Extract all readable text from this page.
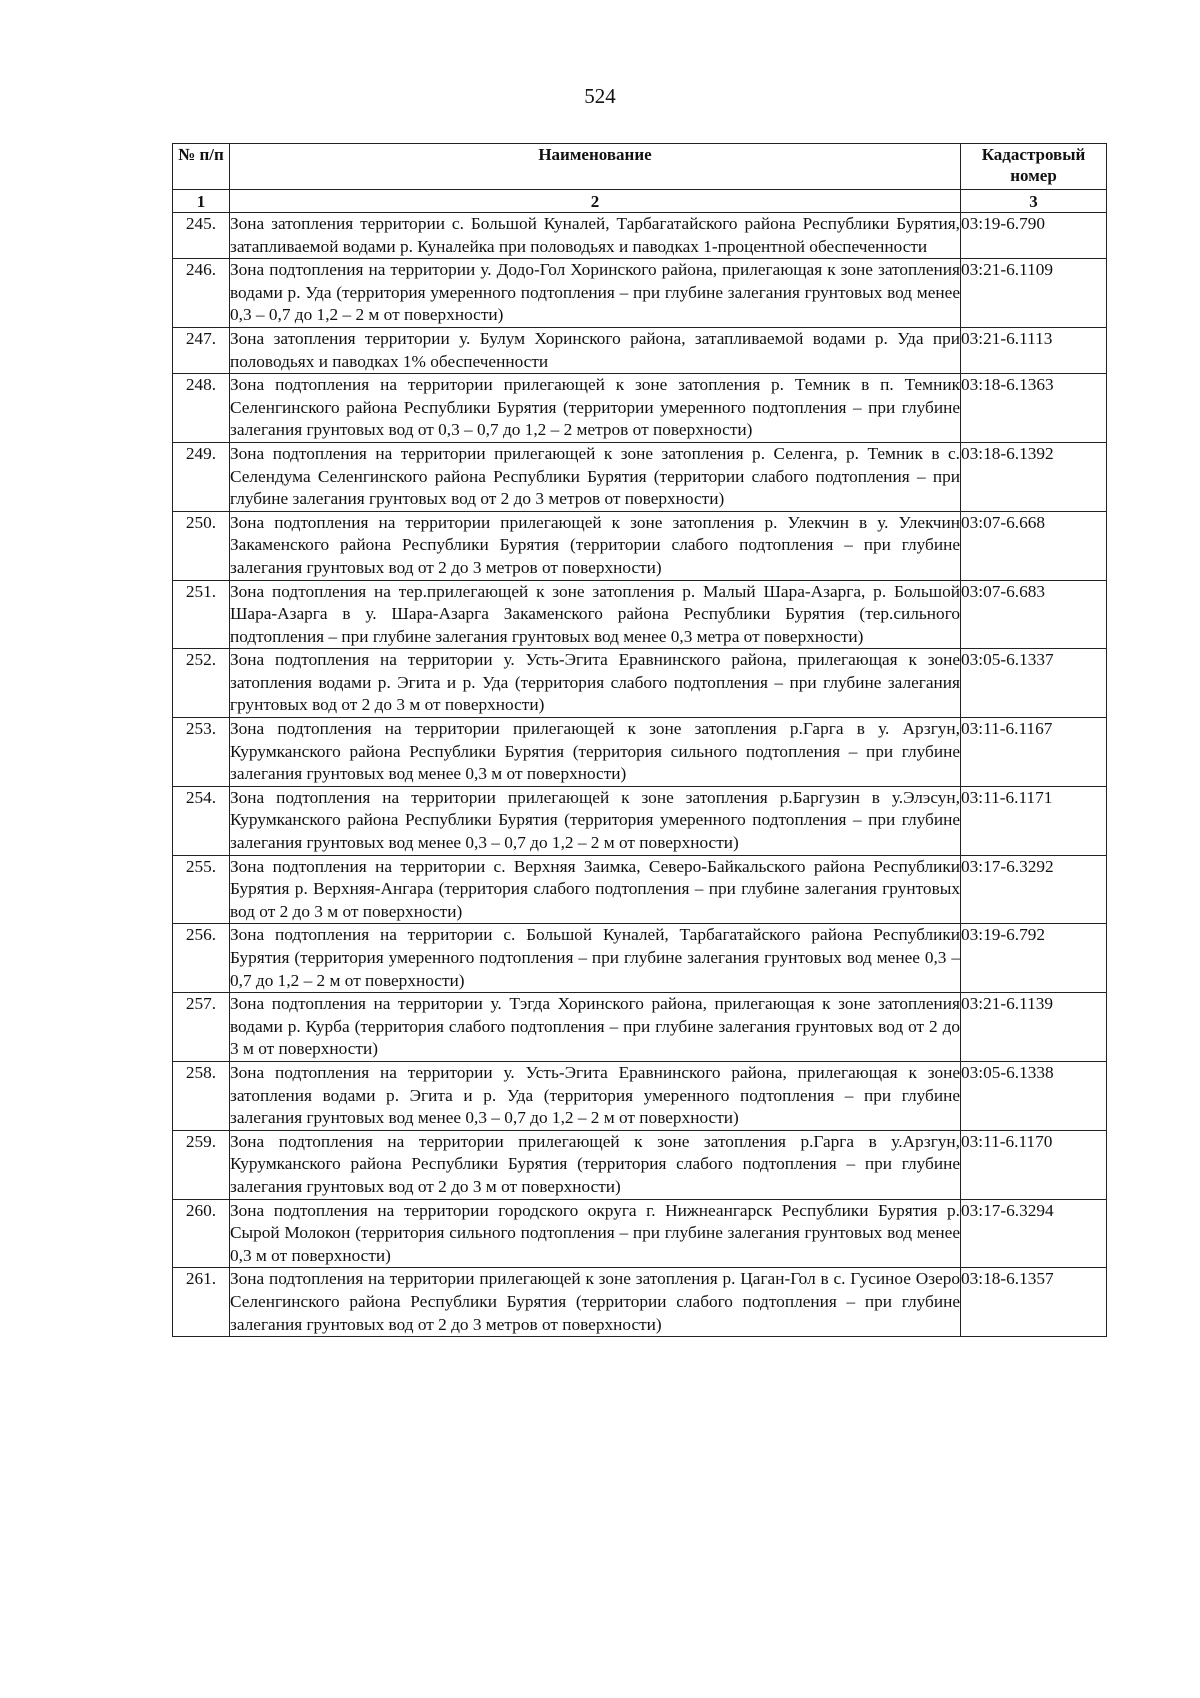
524
№ п/п	Наименование	Кадастровый номер
1	2	3
245.	Зона затопления территории с. Большой Куналей, Тарбагатайского района Республики Бурятия, затапливаемой водами р. Куналейка при половодьях и паводках 1-процентной обеспеченности	03:19-6.790
246.	Зона подтопления на территории у. Додо-Гол Хоринского района, прилегающая к зоне затопления водами р. Уда (территория умеренного подтопления – при глубине залегания грунтовых вод менее 0,3 – 0,7 до 1,2 – 2 м от поверхности)	03:21-6.1109
247.	Зона затопления территории у. Булум Хоринского района, затапливаемой водами р. Уда при половодьях и паводках 1% обеспеченности	03:21-6.1113
248.	Зона подтопления на территории прилегающей к зоне затопления р. Темник в п. Темник Селенгинского района Республики Бурятия (территории умеренного подтопления – при глубине залегания грунтовых вод от 0,3 – 0,7 до 1,2 – 2 метров от поверхности)	03:18-6.1363
249.	Зона подтопления на территории прилегающей к зоне затопления р. Селенга, р. Темник в с. Селендума Селенгинского района Республики Бурятия (территории слабого подтопления – при глубине залегания грунтовых вод от 2 до 3 метров от поверхности)	03:18-6.1392
250.	Зона подтопления на территории прилегающей к зоне затопления р. Улекчин в у. Улекчин Закаменского района Республики Бурятия (территории слабого подтопления – при глубине залегания грунтовых вод от 2 до 3 метров от поверхности)	03:07-6.668
251.	Зона подтопления на тер.прилегающей к зоне затопления р. Малый Шара-Азарга, р. Большой Шара-Азарга в у. Шара-Азарга Закаменского района Республики Бурятия (тер.сильного подтопления – при глубине залегания грунтовых вод менее 0,3 метра от поверхности)	03:07-6.683
252.	Зона подтопления на территории у. Усть-Эгита Еравнинского района, прилегающая к зоне затопления водами р. Эгита и р. Уда (территория слабого подтопления – при глубине залегания грунтовых вод от 2 до 3 м от поверхности)	03:05-6.1337
253.	Зона подтопления на территории прилегающей к зоне затопления р.Гарга в у. Арзгун, Курумканского района Республики Бурятия (территория сильного подтопления – при глубине залегания грунтовых вод менее 0,3 м от поверхности)	03:11-6.1167
254.	Зона подтопления на территории прилегающей к зоне затопления р.Баргузин в у.Элэсун, Курумканского района Республики Бурятия (территория умеренного подтопления – при глубине залегания грунтовых вод менее 0,3 – 0,7 до 1,2 – 2 м от поверхности)	03:11-6.1171
255.	Зона подтопления на территории с. Верхняя Заимка, Северо-Байкальского района Республики Бурятия р. Верхняя-Ангара (территория слабого подтопления – при глубине залегания грунтовых вод от 2 до 3 м от поверхности)	03:17-6.3292
256.	Зона подтопления на территории с. Большой Куналей, Тарбагатайского района Республики Бурятия (территория умеренного подтопления – при глубине залегания грунтовых вод менее 0,3 – 0,7 до 1,2 – 2 м от поверхности)	03:19-6.792
257.	Зона подтопления на территории у. Тэгда Хоринского района, прилегающая к зоне затопления водами р. Курба (территория слабого подтопления – при глубине залегания грунтовых вод от 2 до 3 м от поверхности)	03:21-6.1139
258.	Зона подтопления на территории у. Усть-Эгита Еравнинского района, прилегающая к зоне затопления водами р. Эгита и р. Уда (территория умеренного подтопления – при глубине залегания грунтовых вод менее 0,3 – 0,7 до 1,2 – 2 м от поверхности)	03:05-6.1338
259.	Зона подтопления на территории прилегающей к зоне затопления р.Гарга в у.Арзгун, Курумканского района Республики Бурятия (территория слабого подтопления – при глубине залегания грунтовых вод от 2 до 3 м от поверхности)	03:11-6.1170
260.	Зона подтопления на территории городского округа г. Нижнеангарск Республики Бурятия р. Сырой Молокон (территория сильного подтопления – при глубине залегания грунтовых вод менее 0,3 м от поверхности)	03:17-6.3294
261.	Зона подтопления на территории прилегающей к зоне затопления р. Цаган-Гол в с. Гусиное Озеро Селенгинского района Республики Бурятия (территории слабого подтопления – при глубине залегания грунтовых вод от 2 до 3 метров от поверхности)	03:18-6.1357
